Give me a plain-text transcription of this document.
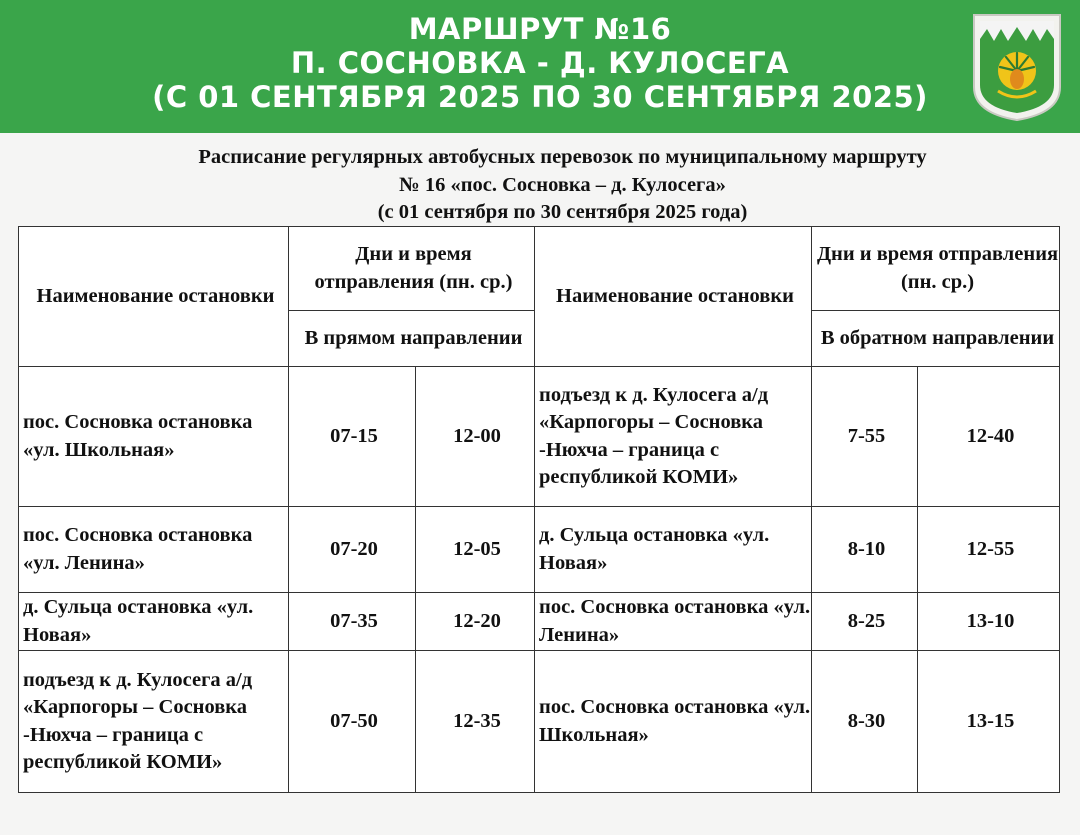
МАРШРУТ №16
П. СОСНОВКА - Д. КУЛОСЕГА
(С 01 СЕНТЯБРЯ 2025 ПО 30 СЕНТЯБРЯ 2025)
Расписание регулярных автобусных перевозок по муниципальному маршруту
№ 16 «пос. Сосновка – д. Кулосега»
(с 01 сентября по 30 сентября 2025 года)
Наименование остановки	Дни и время отправления (пн. ср.)		Наименование остановки	Дни и время отправления (пн. ср.)	
	В прямом направлении			В обратном направлении	
пос. Сосновка остановка «ул. Школьная»	07-15	12-00	подъезд к д. Кулосега а/д «Карпогоры – Сосновка -Нюхча – граница с республикой КОМИ»	7-55	12-40
пос. Сосновка остановка «ул. Ленина»	07-20	12-05	д. Сульца остановка «ул. Новая»	8-10	12-55
д. Сульца остановка «ул. Новая»	07-35	12-20	пос. Сосновка остановка «ул. Ленина»	8-25	13-10
подъезд к д. Кулосега а/д «Карпогоры – Сосновка -Нюхча – граница с республикой КОМИ»	07-50	12-35	пос. Сосновка остановка «ул. Школьная»	8-30	13-15
